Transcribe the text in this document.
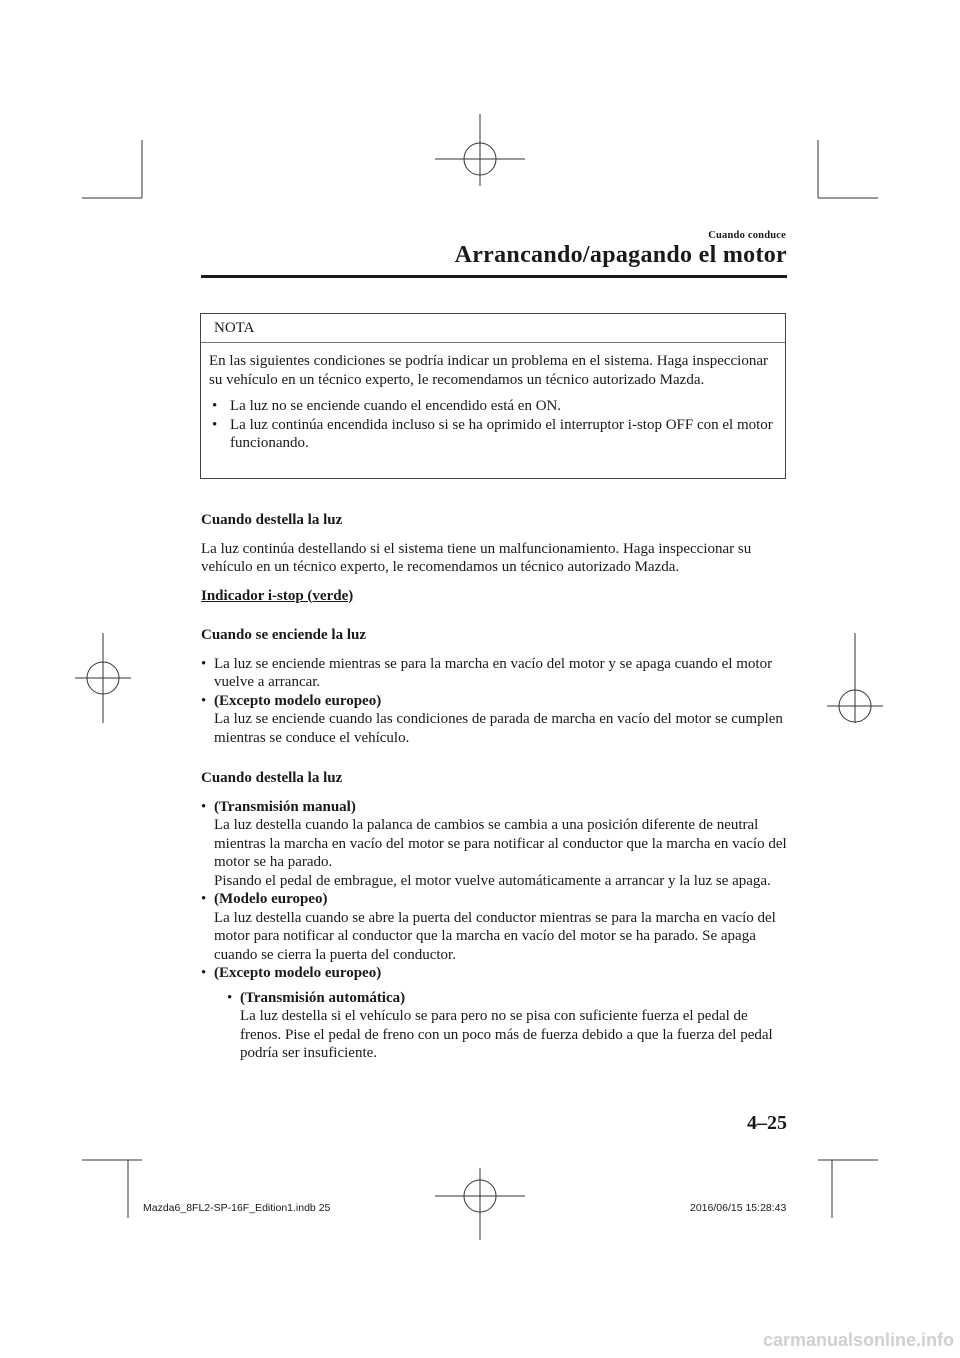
Cuando conduce
Arrancando/apagando el motor
NOTA

En las siguientes condiciones se podría indicar un problema en el sistema. Haga inspeccionar su vehículo en un técnico experto, le recomendamos un técnico autorizado Mazda.

• La luz no se enciende cuando el encendido está en ON.
• La luz continúa encendida incluso si se ha oprimido el interruptor i-stop OFF con el motor funcionando.

Cuando destella la luz

La luz continúa destellando si el sistema tiene un malfuncionamiento. Haga inspeccionar su vehículo en un técnico experto, le recomendamos un técnico autorizado Mazda.

Indicador i-stop (verde)

Cuando se enciende la luz

• La luz se enciende mientras se para la marcha en vacío del motor y se apaga cuando el motor vuelve a arrancar.
• (Excepto modelo europeo)
La luz se enciende cuando las condiciones de parada de marcha en vacío del motor se cumplen mientras se conduce el vehículo.

Cuando destella la luz

• (Transmisión manual)
La luz destella cuando la palanca de cambios se cambia a una posición diferente de neutral mientras la marcha en vacío del motor se para notificar al conductor que la marcha en vacío del motor se ha parado.
Pisando el pedal de embrague, el motor vuelve automáticamente a arrancar y la luz se apaga.
• (Modelo europeo)
La luz destella cuando se abre la puerta del conductor mientras se para la marcha en vacío del motor para notificar al conductor que la marcha en vacío del motor se ha parado. Se apaga cuando se cierra la puerta del conductor.
• (Excepto modelo europeo)
• (Transmisión automática)
La luz destella si el vehículo se para pero no se pisa con suficiente fuerza el pedal de frenos. Pise el pedal de freno con un poco más de fuerza debido a que la fuerza del pedal podría ser insuficiente.
4–25
Mazda6_8FL2-SP-16F_Edition1.indb 25	2016/06/15 15:28:43
carmanualsonline.info
